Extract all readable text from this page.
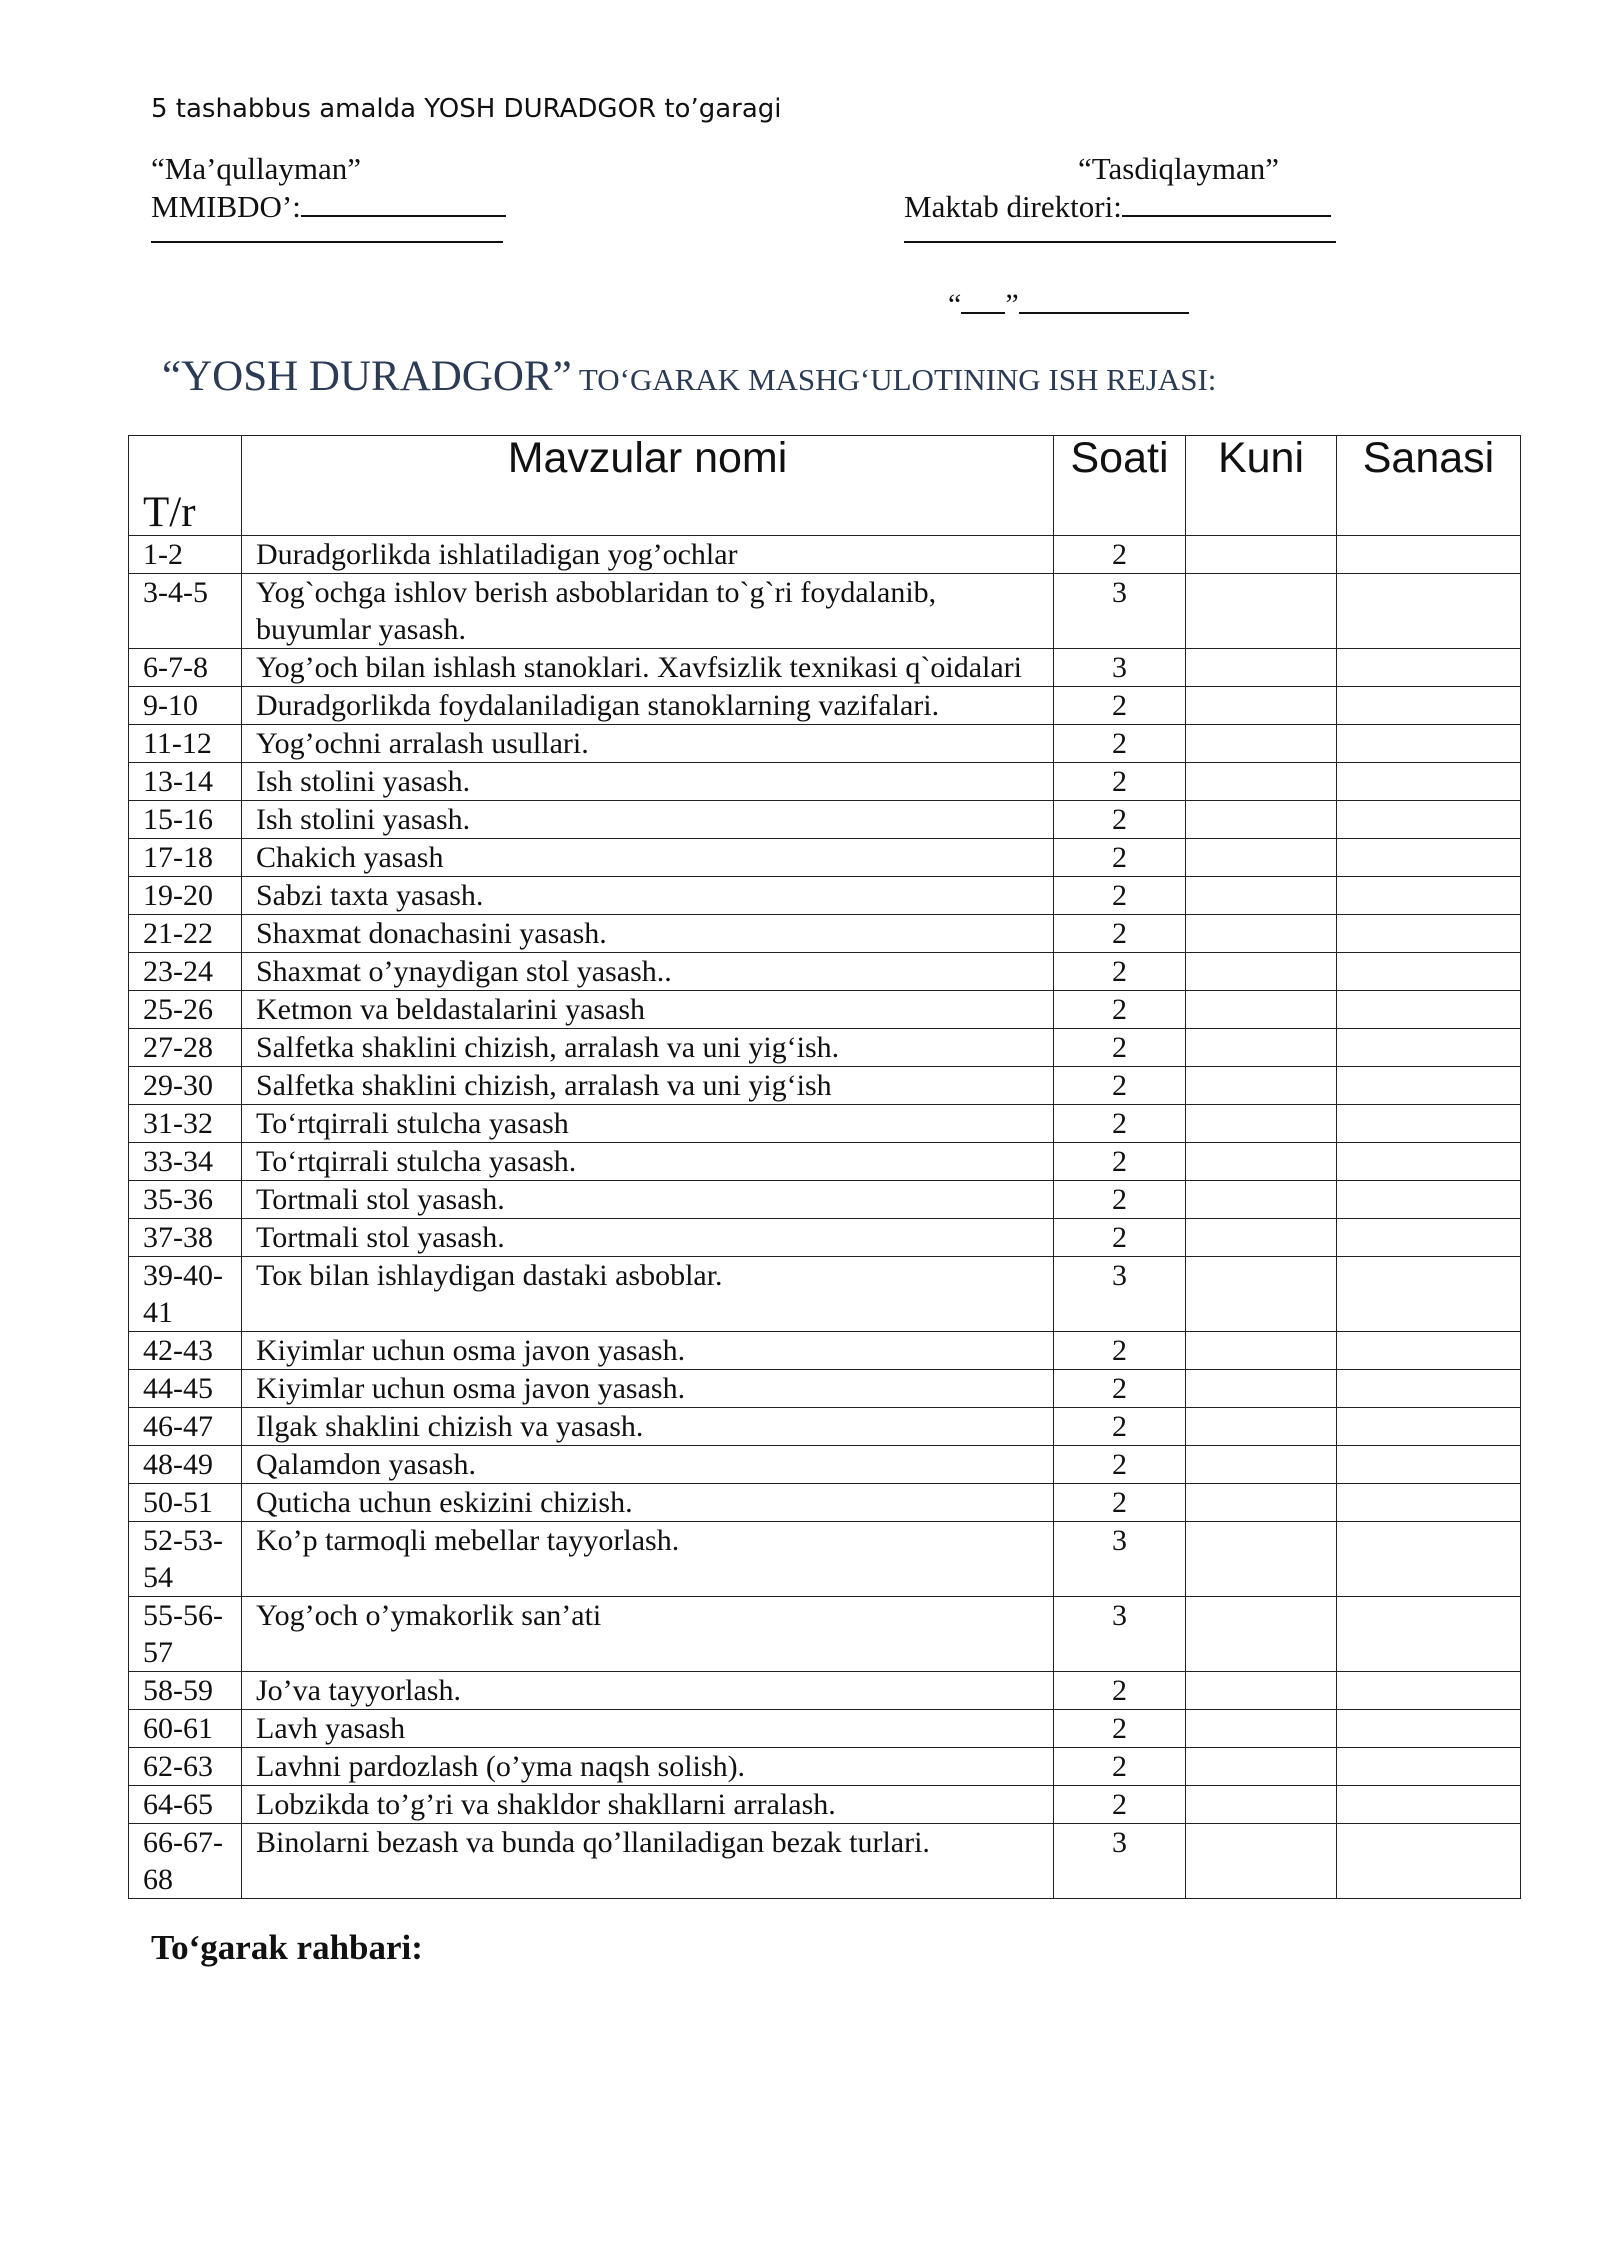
5 tashabbus amalda YOSH DURADGOR to’garagi
“Ma’qullayman”
MMIBDO’:
“Tasdiqlayman”
Maktab direktori:
“ ”
“YOSH DURADGOR” TO‘GARAK MASHG‘ULOTINING ISH REJASI:
T/r	Mavzular nomi	Soati	Kuni	Sanasi
1-2	Duradgorlikda ishlatiladigan yog’ochlar	2		
3-4-5	Yog`ochga ishlov berish asboblaridan to`g`ri foydalanib, buyumlar yasash.	3		
6-7-8	Yog’och bilan ishlash stanoklari. Xavfsizlik texnikasi q`oidalari	3		
9-10	Duradgorlikda foydalaniladigan stanoklarning vazifalari.	2		
11-12	Yog’ochni arralash usullari.	2		
13-14	Ish stolini yasash.	2		
15-16	Ish stolini yasash.	2		
17-18	Chakich yasash	2		
19-20	Sabzi taxta yasash.	2		
21-22	Shaxmat donachasini yasash.	2		
23-24	Shaxmat o’ynaydigan stol yasash..	2		
25-26	Ketmon va beldastalarini yasash	2		
27-28	Salfetka shaklini chizish, arralash va uni yig‘ish.	2		
29-30	Salfetka shaklini chizish, arralash va uni yig‘ish	2		
31-32	To‘rtqirrali stulcha yasash	2		
33-34	To‘rtqirrali stulcha yasash.	2		
35-36	Tortmali stol yasash.	2		
37-38	Tortmali stol yasash.	2		
39-40-41	Toк bilan ishlaydigan dastaki asboblar.	3		
42-43	Kiyimlar uchun osma javon yasash.	2		
44-45	Kiyimlar uchun osma javon yasash.	2		
46-47	Ilgak shaklini chizish va yasash.	2		
48-49	Qalamdon yasash.	2		
50-51	Quticha uchun eskizini chizish.	2		
52-53-54	Ko’p tarmoqli mebellar tayyorlash.	3		
55-56-57	Yog’och o’ymakorlik san’ati	3		
58-59	Jo’va tayyorlash.	2		
60-61	Lavh yasash	2		
62-63	Lavhni pardozlash (o’yma naqsh solish).	2		
64-65	Lobzikda to’g’ri va shakldor shakllarni arralash.	2		
66-67-68	Binolarni bezash va bunda qo’llaniladigan bezak turlari.	3		
To‘garak rahbari:
